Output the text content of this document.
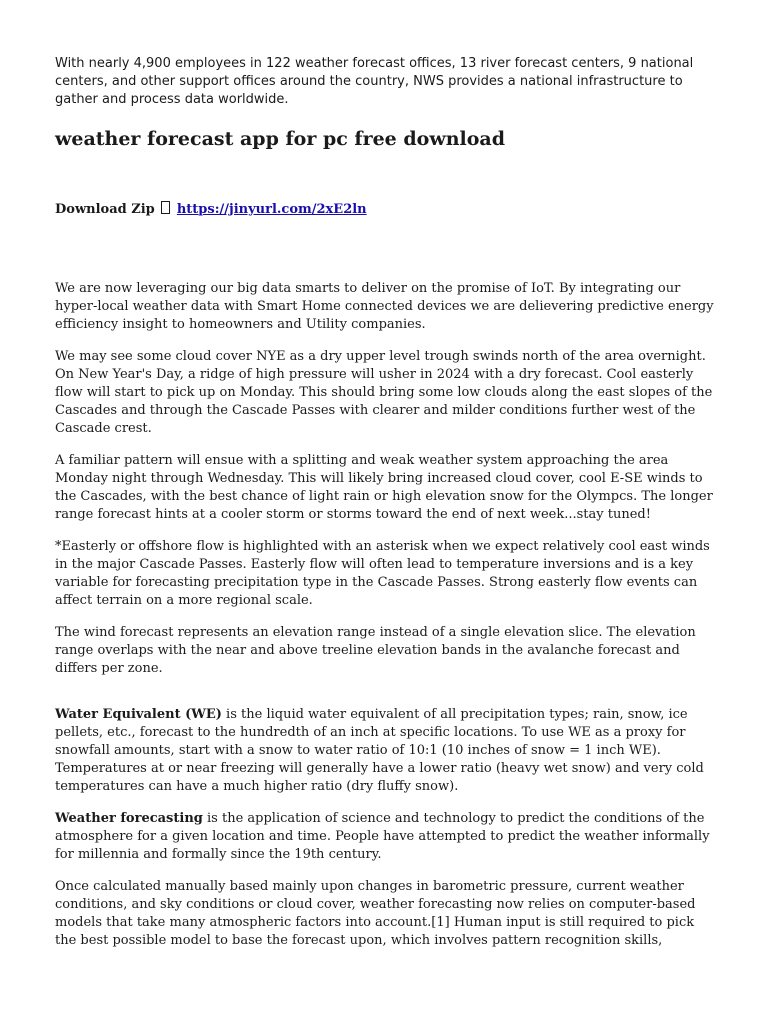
With nearly 4,900 employees in 122 weather forecast offices, 13 river forecast centers, 9 national centers, and other support offices around the country, NWS provides a national infrastructure to gather and process data worldwide.

weather forecast app for pc free download
Download Zip https://jinyurl.com/2xE2ln

We are now leveraging our big data smarts to deliver on the promise of IoT. By integrating our hyper-local weather data with Smart Home connected devices we are delievering predictive energy efficiency insight to homeowners and Utility companies.

We may see some cloud cover NYE as a dry upper level trough swinds north of the area overnight. On New Year's Day, a ridge of high pressure will usher in 2024 with a dry forecast. Cool easterly flow will start to pick up on Monday. This should bring some low clouds along the east slopes of the Cascades and through the Cascade Passes with clearer and milder conditions further west of the Cascade crest.

A familiar pattern will ensue with a splitting and weak weather system approaching the area Monday night through Wednesday. This will likely bring increased cloud cover, cool E-SE winds to the Cascades, with the best chance of light rain or high elevation snow for the Olympcs. The longer range forecast hints at a cooler storm or storms toward the end of next week...stay tuned!

*Easterly or offshore flow is highlighted with an asterisk when we expect relatively cool east winds in the major Cascade Passes. Easterly flow will often lead to temperature inversions and is a key variable for forecasting precipitation type in the Cascade Passes. Strong easterly flow events can affect terrain on a more regional scale.

The wind forecast represents an elevation range instead of a single elevation slice. The elevation range overlaps with the near and above treeline elevation bands in the avalanche forecast and differs per zone.

Water Equivalent (WE) is the liquid water equivalent of all precipitation types; rain, snow, ice pellets, etc., forecast to the hundredth of an inch at specific locations. To use WE as a proxy for snowfall amounts, start with a snow to water ratio of 10:1 (10 inches of snow = 1 inch WE). Temperatures at or near freezing will generally have a lower ratio (heavy wet snow) and very cold temperatures can have a much higher ratio (dry fluffy snow).

Weather forecasting is the application of science and technology to predict the conditions of the atmosphere for a given location and time. People have attempted to predict the weather informally for millennia and formally since the 19th century.

Once calculated manually based mainly upon changes in barometric pressure, current weather conditions, and sky conditions or cloud cover, weather forecasting now relies on computer-based models that take many atmospheric factors into account.[1] Human input is still required to pick the best possible model to base the forecast upon, which involves pattern recognition skills,
